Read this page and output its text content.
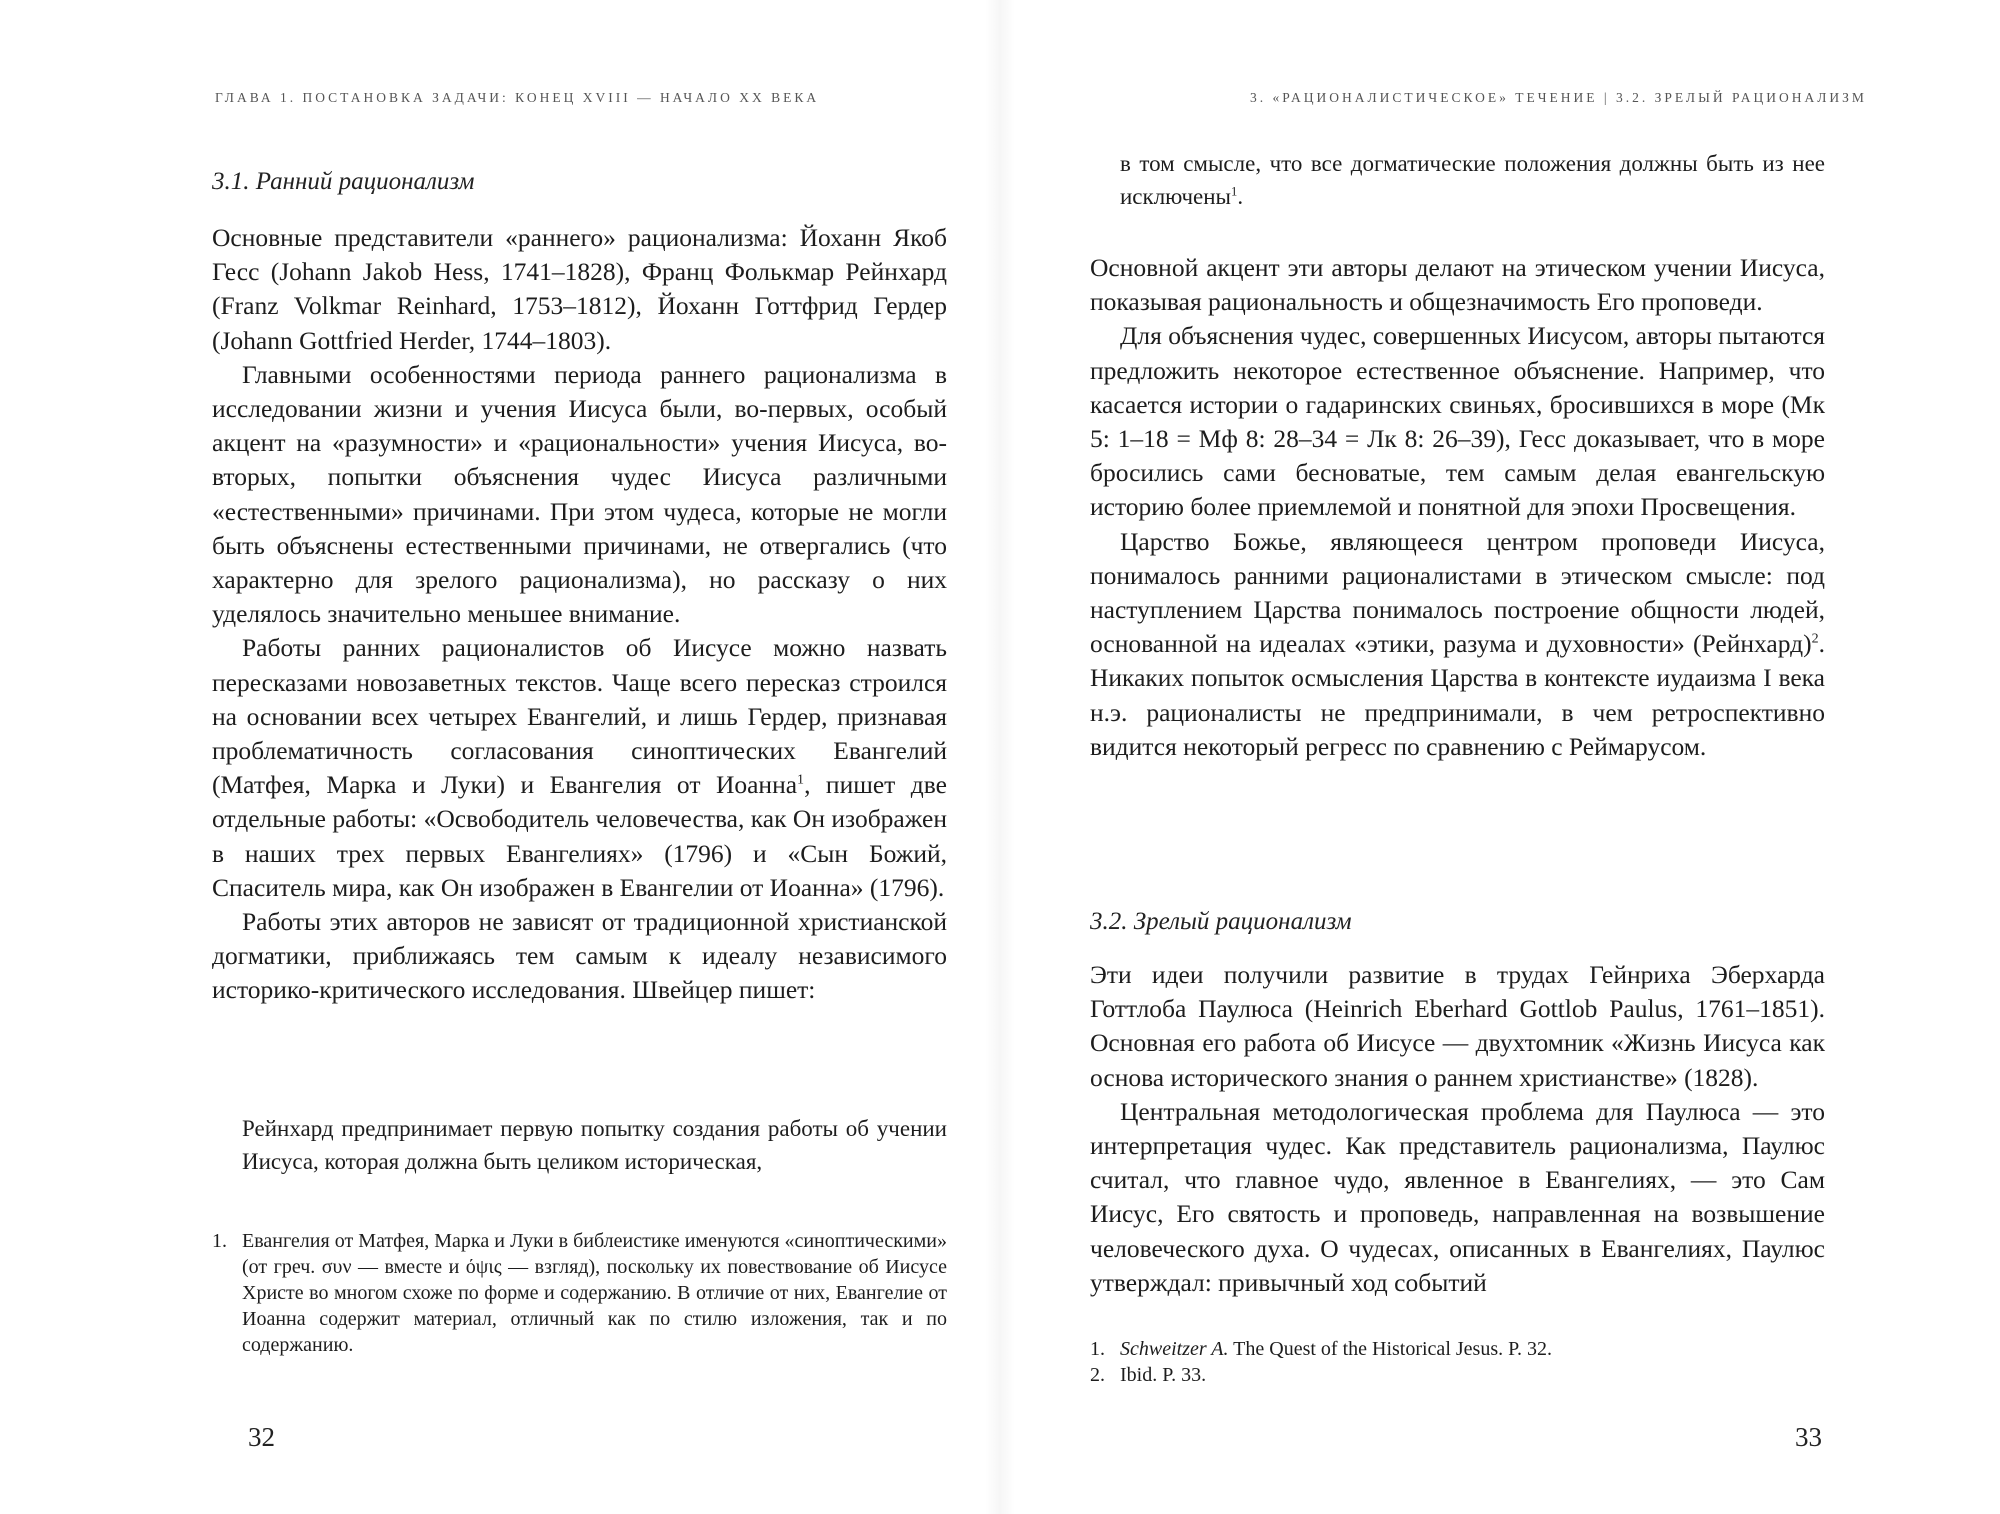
ГЛАВА 1. ПОСТАНОВКА ЗАДАЧИ: КОНЕЦ XVIII — НАЧАЛО XX ВЕКА
3.1. Ранний рационализм

Основные представители «раннего» рационализма: Йоханн Якоб Гесс (Johann Jakob Hess, 1741–1828), Франц Фолькмар Рейнхард (Franz Volkmar Reinhard, 1753–1812), Йоханн Готтфрид Гердер (Johann Gottfried Herder, 1744–1803).

Главными особенностями периода раннего рационализма в исследовании жизни и учения Иисуса были, во-первых, особый акцент на «разумности» и «рациональности» учения Иисуса, во-вторых, попытки объяснения чудес Иисуса различными «естественными» причинами. При этом чудеса, которые не могли быть объяснены естественными причинами, не отвергались (что характерно для зрелого рационализма), но рассказу о них уделялось значительно меньшее внимание.

Работы ранних рационалистов об Иисусе можно назвать пересказами новозаветных текстов. Чаще всего пересказ строился на основании всех четырех Евангелий, и лишь Гердер, признавая проблематичность согласования синоптических Евангелий (Матфея, Марка и Луки) и Евангелия от Иоанна$^1$, пишет две отдельные работы: «Освободитель человечества, как Он изображен в наших трех первых Евангелиях» (1796) и «Сын Божий, Спаситель мира, как Он изображен в Евангелии от Иоанна» (1796).

Работы этих авторов не зависят от традиционной христианской догматики, приближаясь тем самым к идеалу независимого историко-критического исследования. Швейцер пишет:

Рейнхард предпринимает первую попытку создания работы об учении Иисуса, которая должна быть целиком историческая,

1. Евангелия от Матфея, Марка и Луки в библеистике именуются «синоптическими» (от греч. συν — вместе и όψις — взгляд), поскольку их повествование об Иисусе Христе во многом схоже по форме и содержанию. В отличие от них, Евангелие от Иоанна содержит материал, отличный как по стилю изложения, так и по содержанию.
32
3. «РАЦИОНАЛИСТИЧЕСКОЕ» ТЕЧЕНИЕ | 3.2. ЗРЕЛЫЙ РАЦИОНАЛИЗМ

в том смысле, что все догматические положения должны быть из нее исключены$^1$.

Основной акцент эти авторы делают на этическом учении Иисуса, показывая рациональность и общезначимость Его проповеди.

Для объяснения чудес, совершенных Иисусом, авторы пытаются предложить некоторое естественное объяснение. Например, что касается истории о гадаринских свиньях, бросившихся в море (Мк 5: 1–18 = Мф 8: 28–34 = Лк 8: 26–39), Гесс доказывает, что в море бросились сами бесноватые, тем самым делая евангельскую историю более приемлемой и понятной для эпохи Просвещения.

Царство Божье, являющееся центром проповеди Иисуса, понималось ранними рационалистами в этическом смысле: под наступлением Царства понималось построение общности людей, основанной на идеалах «этики, разума и духовности» (Рейнхард)$^2$. Никаких попыток осмысления Царства в контексте иудаизма I века н.э. рационалисты не предпринимали, в чем ретроспективно видится некоторый регресс по сравнению с Реймарусом.

3.2. Зрелый рационализм

Эти идеи получили развитие в трудах Гейнриха Эберхарда Готтлоба Паулюса (Heinrich Eberhard Gottlob Paulus, 1761–1851). Основная его работа об Иисусе — двухтомник «Жизнь Иисуса как основа исторического знания о раннем христианстве» (1828).

Центральная методологическая проблема для Паулюса — это интерпретация чудес. Как представитель рационализма, Паулюс считал, что главное чудо, явленное в Евангелиях, — это Сам Иисус, Его святость и проповедь, направленная на возвышение человеческого духа. О чудесах, описанных в Евангелиях, Паулюс утверждал: привычный ход событий

1. Schweitzer A. The Quest of the Historical Jesus. P. 32.
2. Ibid. P. 33.
33
